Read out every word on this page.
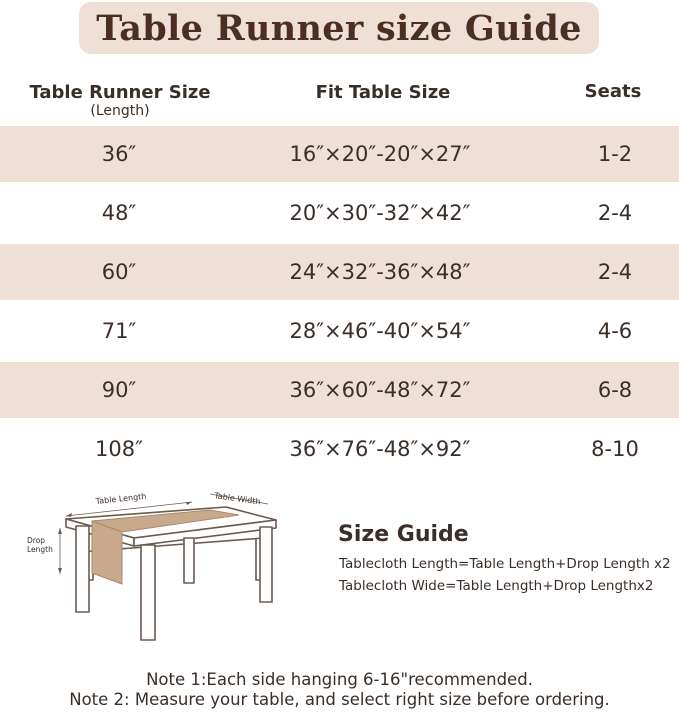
Table Runner size Guide
Table Runner Size
(Length)
Fit Table Size	Seats
36″	16″×20″-20″×27″	1-2
48″	20″×30″-32″×42″	2-4
60″	24″×32″-36″×48″	2-4
71″	28″×46″-40″×54″	4-6
90″	36″×60″-48″×72″	6-8
108″	36″×76″-48″×92″	8-10
Table Length	Table Width
Drop
Length
Size Guide
Tablecloth Length=Table Length+Drop Length x2
Tablecloth Wide=Table Length+Drop Lengthx2
Note 1:Each side hanging 6-16"recommended.
Note 2: Measure your table, and select right size before ordering.
